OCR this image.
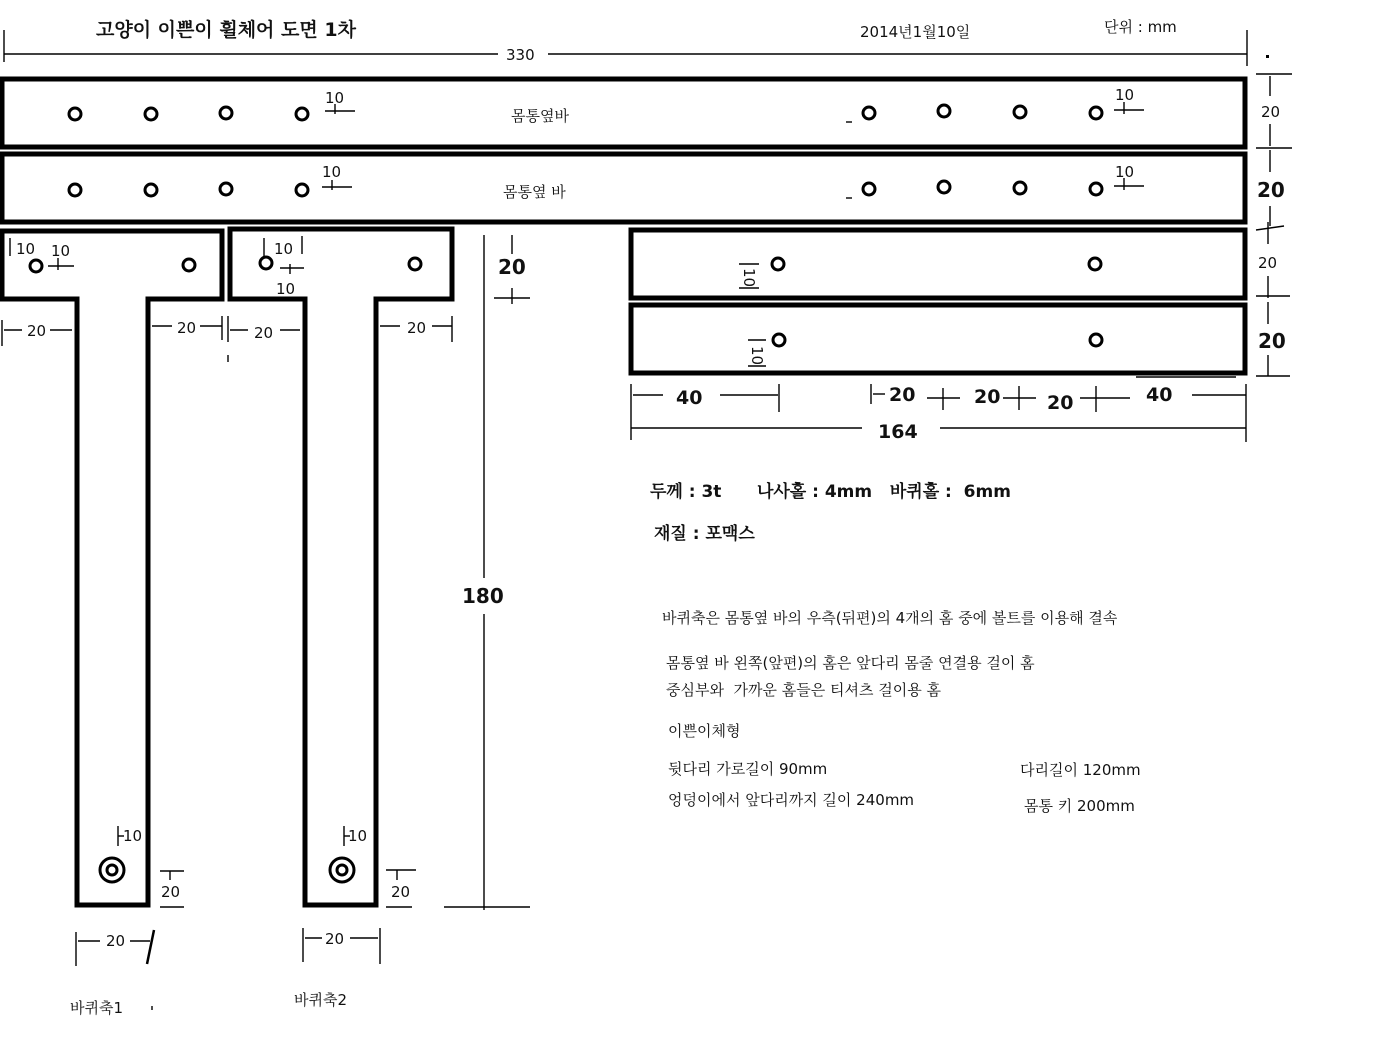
고양이 이쁜이 휠체어 도면 1차	2014년1월10일	단위 : mm
330
몸통옆바
10	10
20
몸통옆 바
10	10
20
10 10
20	20
10
20
20
바퀴축1
10
10
20	20
10
20
20
바퀴축2
20
180
10
20
10
20
40	20	20 20	40
164
두께 : 3t      나사홀 : 4mm   바퀴홀 :  6mm
재질 : 포맥스
바퀴축은 몸통옆 바의 우측(뒤편)의 4개의 홈 중에 볼트를 이용해 결속
몸통옆 바 왼쪽(앞편)의 홈은 앞다리 몸줄 연결용 걸이 홈
중심부와  가까운 홈들은 티셔츠 걸이용 홈
이쁜이체형
뒷다리 가로길이 90mm
엉덩이에서 앞다리까지 길이 240mm
다리길이 120mm
몸통 키 200mm
